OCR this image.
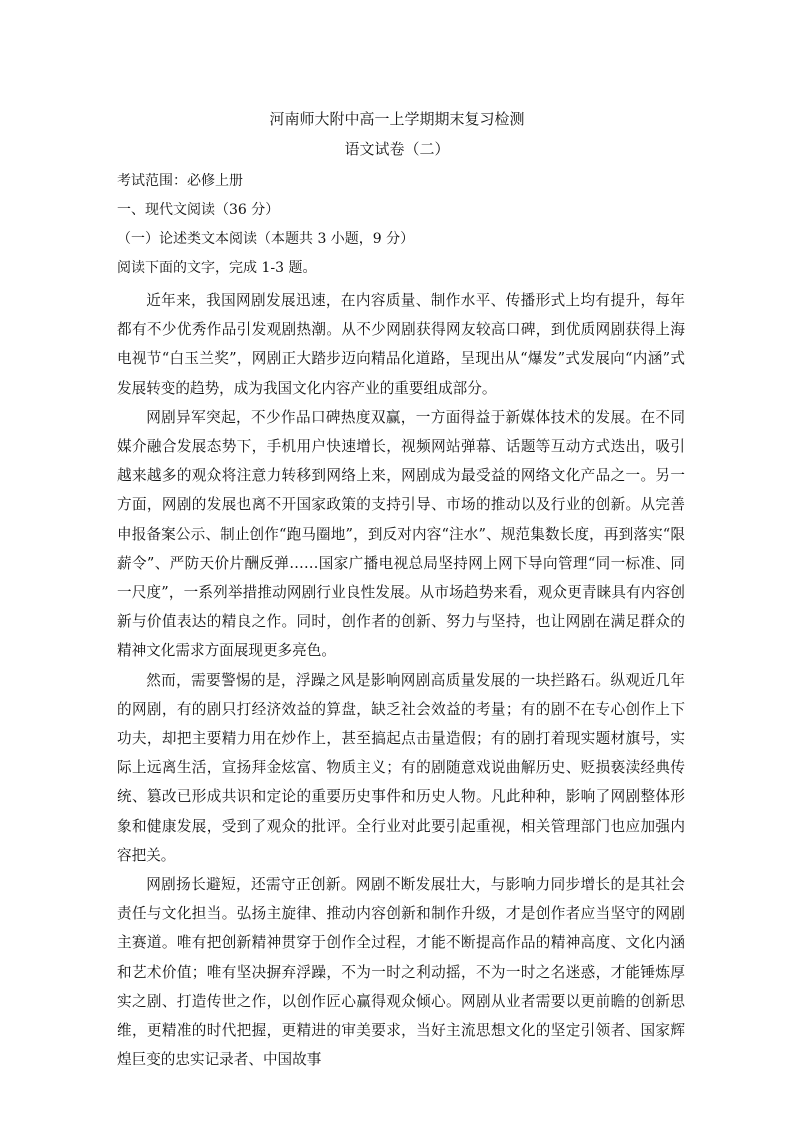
河南师大附中高一上学期期末复习检测
语文试卷（二）
考试范围：必修上册
一、现代文阅读（36 分）
（一）论述类文本阅读（本题共 3 小题，9 分）
阅读下面的文字，完成 1-3 题。

近年来，我国网剧发展迅速，在内容质量、制作水平、传播形式上均有提升，每年都有不少优秀作品引发观剧热潮。从不少网剧获得网友较高口碑，到优质网剧获得上海电视节“白玉兰奖”，网剧正大踏步迈向精品化道路，呈现出从“爆发”式发展向“内涵”式发展转变的趋势，成为我国文化内容产业的重要组成部分。

网剧异军突起，不少作品口碑热度双赢，一方面得益于新媒体技术的发展。在不同媒介融合发展态势下，手机用户快速增长，视频网站弹幕、话题等互动方式迭出，吸引越来越多的观众将注意力转移到网络上来，网剧成为最受益的网络文化产品之一。另一方面，网剧的发展也离不开国家政策的支持引导、市场的推动以及行业的创新。从完善申报备案公示、制止创作“跑马圈地”，到反对内容“注水”、规范集数长度，再到落实“限薪令”、严防天价片酬反弹……国家广播电视总局坚持网上网下导向管理“同一标准、同一尺度”，一系列举措推动网剧行业良性发展。从市场趋势来看，观众更青睐具有内容创新与价值表达的精良之作。同时，创作者的创新、努力与坚持，也让网剧在满足群众的精神文化需求方面展现更多亮色。

然而，需要警惕的是，浮躁之风是影响网剧高质量发展的一块拦路石。纵观近几年的网剧，有的剧只打经济效益的算盘，缺乏社会效益的考量；有的剧不在专心创作上下功夫，却把主要精力用在炒作上，甚至搞起点击量造假；有的剧打着现实题材旗号，实际上远离生活，宣扬拜金炫富、物质主义；有的剧随意戏说曲解历史、贬损亵渎经典传统、篡改已形成共识和定论的重要历史事件和历史人物。凡此种种，影响了网剧整体形象和健康发展，受到了观众的批评。全行业对此要引起重视，相关管理部门也应加强内容把关。

网剧扬长避短，还需守正创新。网剧不断发展壮大，与影响力同步增长的是其社会责任与文化担当。弘扬主旋律、推动内容创新和制作升级，才是创作者应当坚守的网剧主赛道。唯有把创新精神贯穿于创作全过程，才能不断提高作品的精神高度、文化内涵和艺术价值；唯有坚决摒弃浮躁，不为一时之利动摇，不为一时之名迷惑，才能锤炼厚实之剧、打造传世之作，以创作匠心赢得观众倾心。网剧从业者需要以更前瞻的创新思维，更精准的时代把握，更精进的审美要求，当好主流思想文化的坚定引领者、国家辉煌巨变的忠实记录者、中国故事
